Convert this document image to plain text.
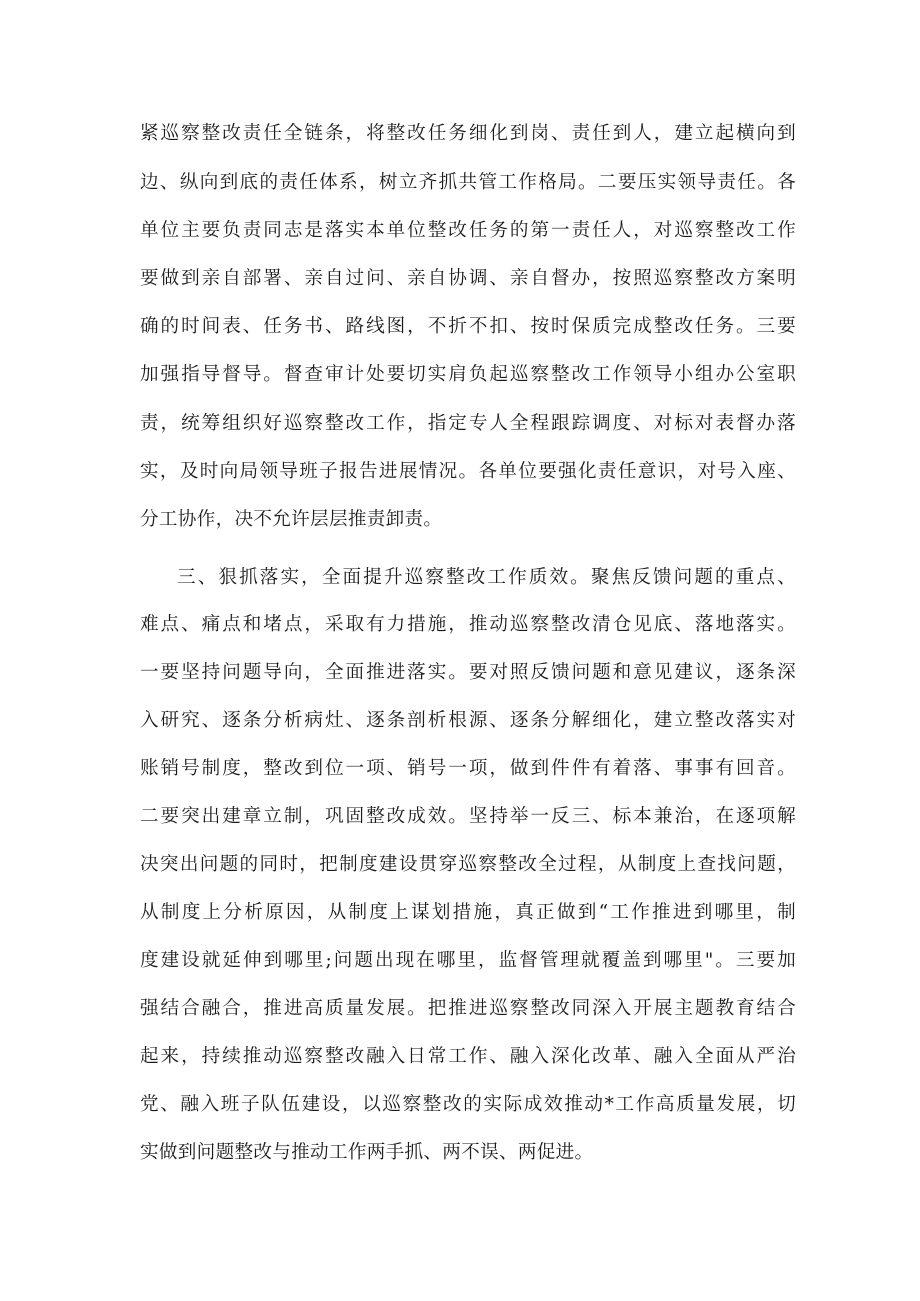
紧巡察整改责任全链条，将整改任务细化到岗、责任到人，建立起横向到
边、纵向到底的责任体系，树立齐抓共管工作格局。二要压实领导责任。各
单位主要负责同志是落实本单位整改任务的第一责任人，对巡察整改工作
要做到亲自部署、亲自过问、亲自协调、亲自督办，按照巡察整改方案明
确的时间表、任务书、路线图，不折不扣、按时保质完成整改任务。三要
加强指导督导。督查审计处要切实肩负起巡察整改工作领导小组办公室职
责，统筹组织好巡察整改工作，指定专人全程跟踪调度、对标对表督办落
实，及时向局领导班子报告进展情况。各单位要强化责任意识，对号入座、
分工协作，决不允许层层推责卸责。
三、狠抓落实，全面提升巡察整改工作质效。聚焦反馈问题的重点、
难点、痛点和堵点，采取有力措施，推动巡察整改清仓见底、落地落实。
一要坚持问题导向，全面推进落实。要对照反馈问题和意见建议，逐条深
入研究、逐条分析病灶、逐条剖析根源、逐条分解细化，建立整改落实对
账销号制度，整改到位一项、销号一项，做到件件有着落、事事有回音。
二要突出建章立制，巩固整改成效。坚持举一反三、标本兼治，在逐项解
决突出问题的同时，把制度建设贯穿巡察整改全过程，从制度上查找问题，
从制度上分析原因，从制度上谋划措施，真正做到“工作推进到哪里，制
度建设就延伸到哪里;问题出现在哪里，监督管理就覆盖到哪里"。三要加
强结合融合，推进高质量发展。把推进巡察整改同深入开展主题教育结合
起来，持续推动巡察整改融入日常工作、融入深化改革、融入全面从严治
党、融入班子队伍建设，以巡察整改的实际成效推动*工作高质量发展，切
实做到问题整改与推动工作两手抓、两不误、两促进。
